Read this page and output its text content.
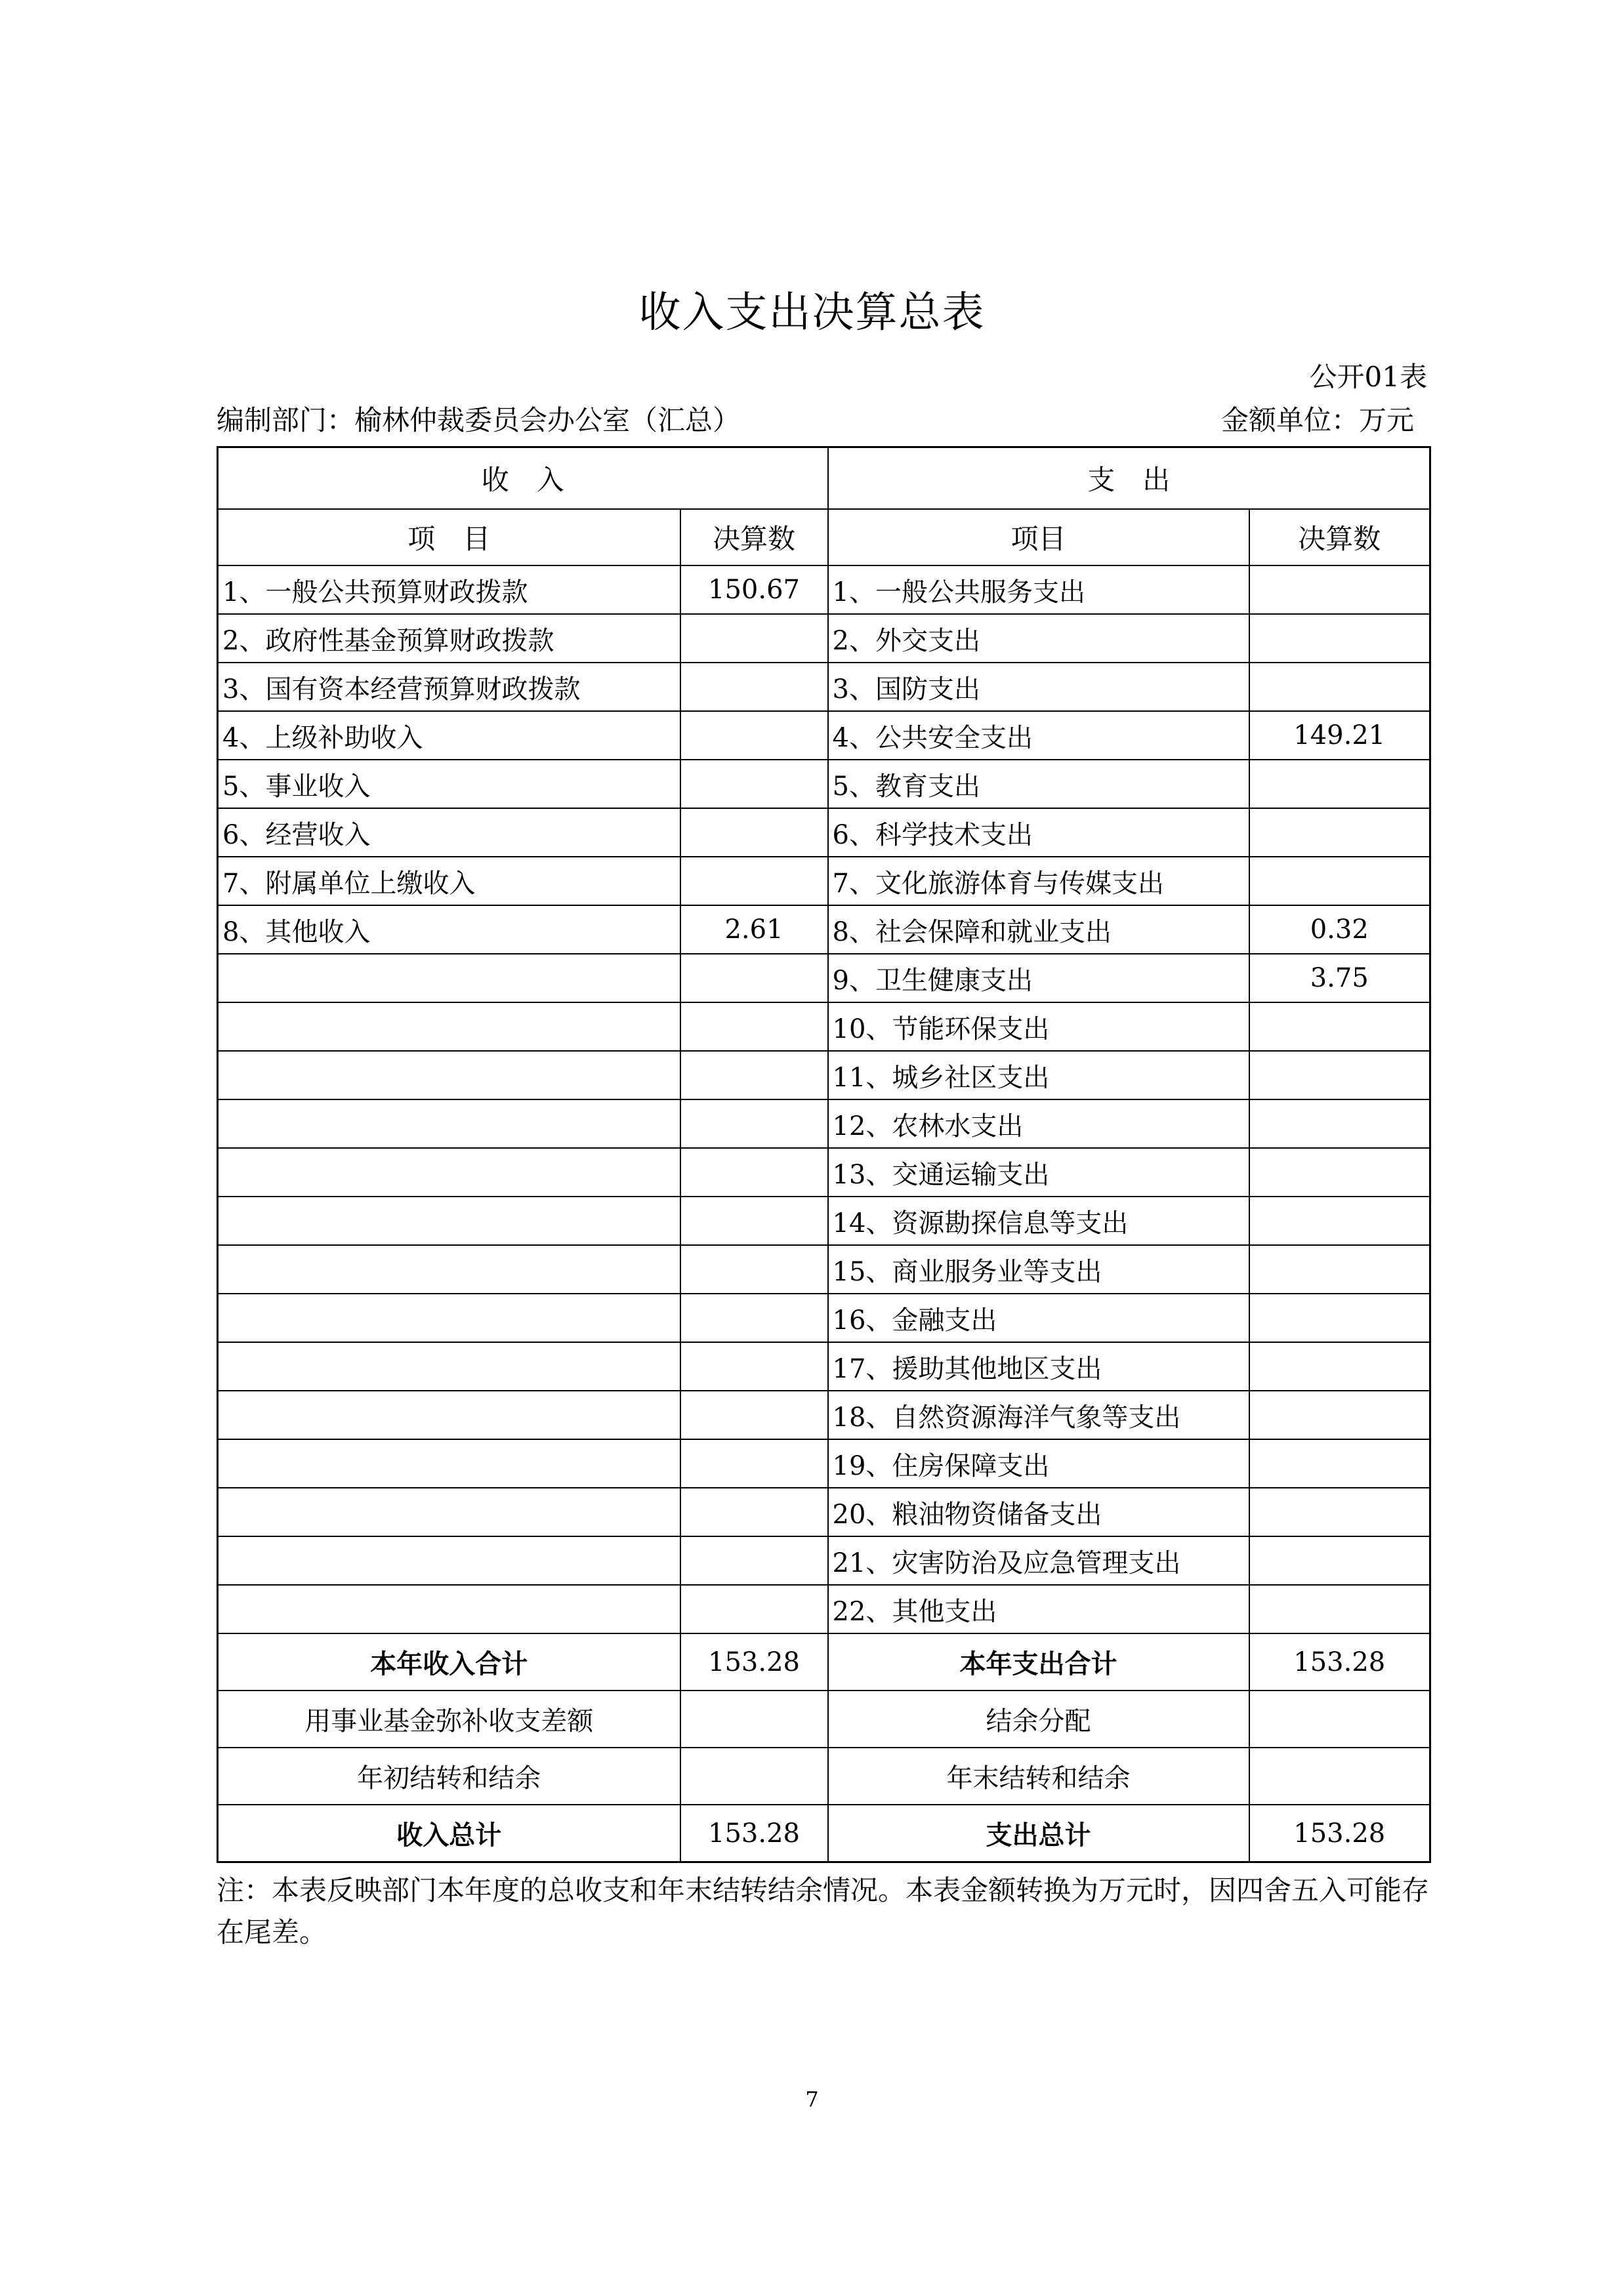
收入支出决算总表
公开01表
编制部门：榆林仲裁委员会办公室（汇总）	金额单位：万元
收　入		支　出	
项　目	决算数	项目	决算数
1、一般公共预算财政拨款	150.67	1、一般公共服务支出	
2、政府性基金预算财政拨款		2、外交支出	
3、国有资本经营预算财政拨款		3、国防支出	
4、上级补助收入		4、公共安全支出	149.21
5、事业收入		5、教育支出	
6、经营收入		6、科学技术支出	
7、附属单位上缴收入		7、文化旅游体育与传媒支出	
8、其他收入	2.61	8、社会保障和就业支出	0.32
		9、卫生健康支出	3.75
		10、节能环保支出	
		11、城乡社区支出	
		12、农林水支出	
		13、交通运输支出	
		14、资源勘探信息等支出	
		15、商业服务业等支出	
		16、金融支出	
		17、援助其他地区支出	
		18、自然资源海洋气象等支出	
		19、住房保障支出	
		20、粮油物资储备支出	
		21、灾害防治及应急管理支出	
		22、其他支出	
本年收入合计	153.28	本年支出合计	153.28
用事业基金弥补收支差额		结余分配	
年初结转和结余		年末结转和结余	
收入总计	153.28	支出总计	153.28
注：本表反映部门本年度的总收支和年末结转结余情况。本表金额转换为万元时，因四舍五入可能存在尾差。
7
